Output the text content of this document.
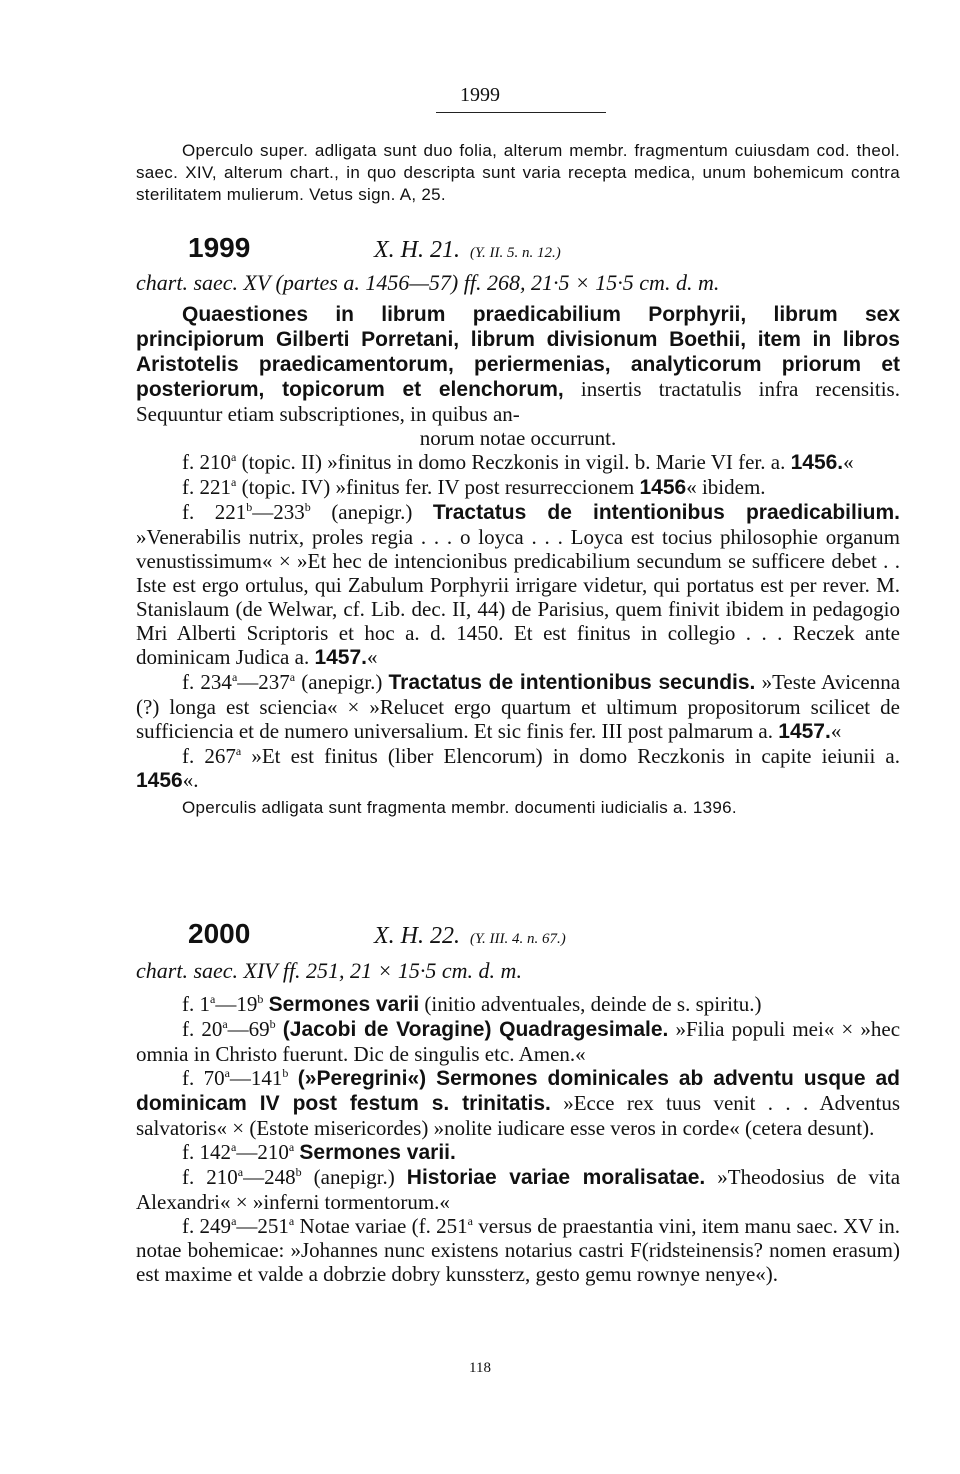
1999

Operculo super. adligata sunt duo folia, alterum membr. fragmentum cuiusdam cod. theol. saec. XIV, alterum chart., in quo descripta sunt varia recepta medica, unum bohemicum contra sterilitatem mulierum. Vetus sign. A, 25.

1999	X. H. 21. (Y. II. 5. n. 12.)

chart. saec. XV (partes a. 1456—57) ff. 268, 21·5 × 15·5 cm. d. m.

Quaestiones in librum praedicabilium Porphyrii, librum sex principiorum Gilberti Porretani, librum divisionum Boethii, item in libros Aristotelis praedicamentorum, periermenias, analyticorum priorum et posteriorum, topicorum et elenchorum, insertis tractatulis infra recensitis. Sequuntur etiam subscriptiones, in quibus an-

norum notae occurrunt.

f. 210$^a$ (topic. II) »finitus in domo Reczkonis in vigil. b. Marie VI fer. a. 1456.«

f. 221$^a$ (topic. IV) »finitus fer. IV post resurreccionem 1456« ibidem.

f. 221$^b$—233$^b$ (anepigr.) Tractatus de intentionibus praedicabilium. »Venerabilis nutrix, proles regia . . . o loyca . . . Loyca est tocius philosophie organum venustissimum« × »Et hec de intencionibus predicabilium secundum se sufficere debet . . Iste est ergo ortulus, qui Zabulum Porphyrii irrigare videtur, qui portatus est per rever. M. Stanislaum (de Welwar, cf. Lib. dec. II, 44) de Parisius, quem finivit ibidem in pedagogio Mri Alberti Scriptoris et hoc a. d. 1450. Et est finitus in collegio . . . Reczek ante dominicam Judica a. 1457.«

f. 234$^a$—237$^a$ (anepigr.) Tractatus de intentionibus secundis. »Teste Avicenna (?) longa est sciencia« × »Relucet ergo quartum et ultimum propositorum scilicet de sufficiencia et de numero universalium. Et sic finis fer. III post palmarum a. 1457.«

f. 267$^a$ »Et est finitus (liber Elencorum) in domo Reczkonis in capite ieiunii a. 1456«.

Operculis adligata sunt fragmenta membr. documenti iudicialis a. 1396.

2000	X. H. 22. (Y. III. 4. n. 67.)

chart. saec. XIV ff. 251, 21 × 15·5 cm. d. m.

f. 1$^a$—19$^b$ Sermones varii (initio adventuales, deinde de s. spiritu.)

f. 20$^a$—69$^b$ (Jacobi de Voragine) Quadragesimale. »Filia populi mei« × »hec omnia in Christo fuerunt. Dic de singulis etc. Amen.«

f. 70$^a$—141$^b$ (»Peregrini«) Sermones dominicales ab adventu usque ad dominicam IV post festum s. trinitatis. »Ecce rex tuus venit . . . Adventus salvatoris« × (Estote misericordes) »nolite iudicare esse veros in corde« (cetera desunt).

f. 142$^a$—210$^a$ Sermones varii.

f. 210$^a$—248$^b$ (anepigr.) Historiae variae moralisatae. »Theodosius de vita Alexandri« × »inferni tormentorum.«

f. 249$^a$—251$^a$ Notae variae (f. 251$^a$ versus de praestantia vini, item manu saec. XV in. notae bohemicae: »Johannes nunc existens notarius castri F(ridsteinensis? nomen erasum) est maxime et valde a dobrzie dobry kunssterz, gesto gemu rownye nenye«).

118
